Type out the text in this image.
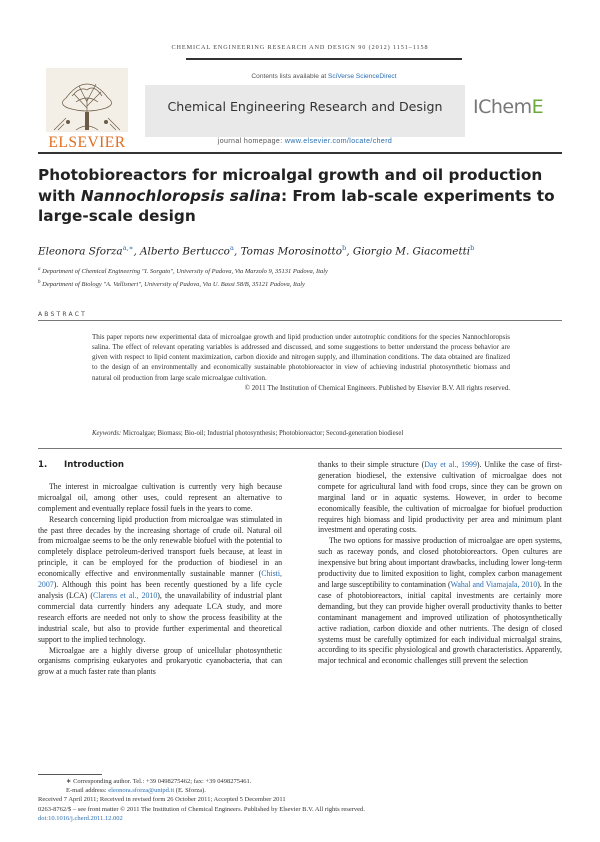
CHEMICAL ENGINEERING RESEARCH AND DESIGN 90 (2012) 1151–1158
ELSEVIER
Contents lists available at SciVerse ScienceDirect
Chemical Engineering Research and Design
journal homepage: www.elsevier.com/locate/cherd
IChemE
Photobioreactors for microalgal growth and oil production with Nannochloropsis salina: From lab-scale experiments to large-scale design
Eleonora Sforza$^{a,∗}$, Alberto Bertucco$^a$, Tomas Morosinotto$^b$, Giorgio M. Giacometti$^b$
$^a$ Department of Chemical Engineering "I. Sorgato", University of Padova, Via Marzolo 9, 35131 Padova, Italy
$^b$ Department of Biology "A. Vallisneri", University of Padova, Via U. Bassi 58/B, 35121 Padova, Italy
ABSTRACT
This paper reports new experimental data of microalgae growth and lipid production under autotrophic conditions for the species Nannochloropsis salina. The effect of relevant operating variables is addressed and discussed, and some suggestions to better understand the process behavior are given with respect to lipid content maximization, carbon dioxide and nitrogen supply, and illumination conditions. The data obtained are finalized to the design of an environmentally and economically sustainable photobioreactor in view of achieving industrial photosynthetic biomass and natural oil production from large scale microalgae cultivation.
© 2011 The Institution of Chemical Engineers. Published by Elsevier B.V. All rights reserved.
Keywords: Microalgae; Biomass; Bio-oil; Industrial photosynthesis; Photobioreactor; Second-generation biodiesel

1. Introduction

The interest in microalgae cultivation is currently very high because microalgal oil, among other uses, could represent an alternative to complement and eventually replace fossil fuels in the years to come.

Research concerning lipid production from microalgae was stimulated in the past three decades by the increasing shortage of crude oil. Natural oil from microalgae seems to be the only renewable biofuel with the potential to completely displace petroleum-derived transport fuels because, at least in principle, it can be employed for the production of biodiesel in an economically effective and environmentally sustainable manner (Chisti, 2007). Although this point has been recently questioned by a life cycle analysis (LCA) (Clarens et al., 2010), the unavailability of industrial plant commercial data currently hinders any adequate LCA study, and more research efforts are needed not only to show the process feasibility at the industrial scale, but also to provide further experimental and theoretical support to the implied technology.

Microalgae are a highly diverse group of unicellular photosynthetic organisms comprising eukaryotes and prokaryotic cyanobacteria, that can grow at a much faster rate than plants

thanks to their simple structure (Day et al., 1999). Unlike the case of first-generation biodiesel, the extensive cultivation of microalgae does not compete for agricultural land with food crops, since they can be grown on marginal land or in aquatic systems. However, in order to become economically feasible, the cultivation of microalgae for biofuel production requires high biomass and lipid productivity per area and minimum plant investment and operating costs.

The two options for massive production of microalgae are open systems, such as raceway ponds, and closed photobioreactors. Open cultures are inexpensive but bring about important drawbacks, including lower long-term productivity due to limited exposition to light, complex carbon management and large susceptibility to contamination (Wahal and Viamajala, 2010). In the case of photobioreactors, initial capital investments are certainly more demanding, but they can provide higher overall productivity thanks to better contaminant management and improved utilization of photosynthetically active radiation, carbon dioxide and other nutrients. The design of closed systems must be carefully optimized for each individual microalgal strains, according to its specific physiological and growth characteristics. Apparently, major technical and economic challenges still prevent the selection

∗ Corresponding author. Tel.: +39 0498275462; fax: +39 0498275461.
E-mail address: eleonora.sforza@unipd.it (E. Sforza).
Received 7 April 2011; Received in revised form 26 October 2011; Accepted 5 December 2011
0263-8762/$ – see front matter © 2011 The Institution of Chemical Engineers. Published by Elsevier B.V. All rights reserved.
doi:10.1016/j.cherd.2011.12.002
